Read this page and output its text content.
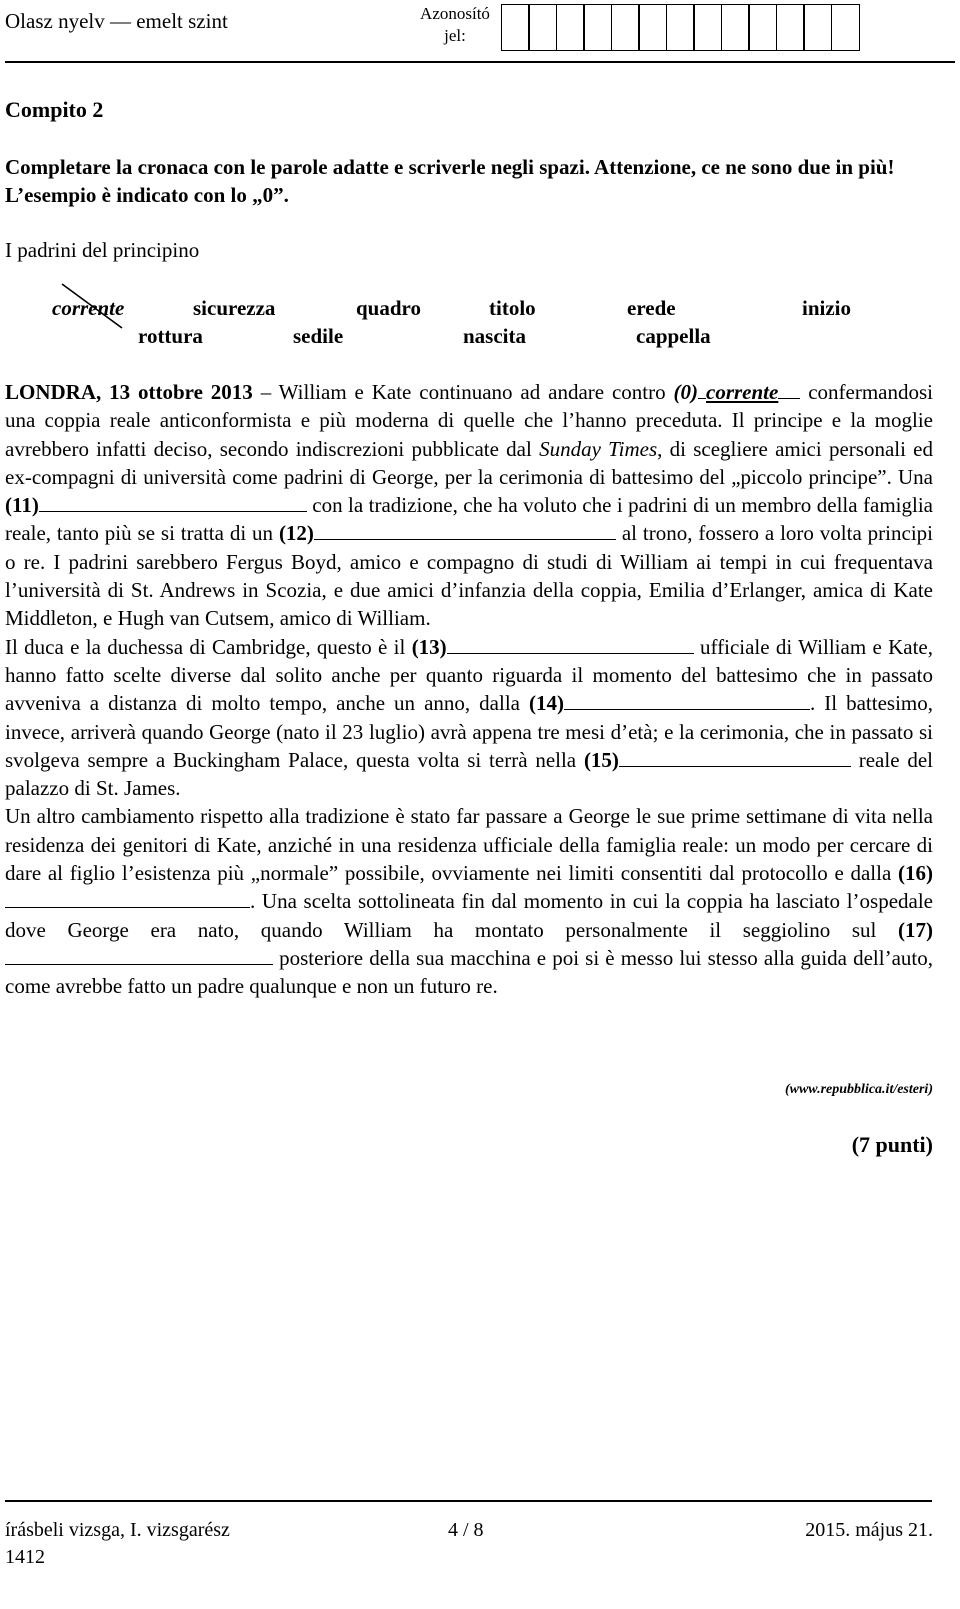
Olasz nyelv — emelt szint	Azonosító jel:
Compito 2
Completare la cronaca con le parole adatte e scriverle negli spazi. Attenzione, ce ne sono due in più! L’esempio è indicato con lo „0”.
I padrini del principino
corrente	sicurezza	quadro	titolo	erede	inizio
rottura	sedile	nascita	cappella

LONDRA, 13 ottobre 2013 – William e Kate continuano ad andare contro (0) corrente confermandosi una coppia reale anticonformista e più moderna di quelle che l’hanno preceduta. Il principe e la moglie avrebbero infatti deciso, secondo indiscrezioni pubblicate dal Sunday Times, di scegliere amici personali ed ex-compagni di università come padrini di George, per la cerimonia di battesimo del „piccolo principe”. Una (11)	con la tradizione, che ha voluto che i padrini di un membro della famiglia reale, tanto più se si tratta di un (12)	al trono, fossero a loro volta principi o re. I padrini sarebbero Fergus Boyd, amico e compagno di studi di William ai tempi in cui frequentava l’università di St. Andrews in Scozia, e due amici d’infanzia della coppia, Emilia d’Erlanger, amica di Kate Middleton, e Hugh van Cutsem, amico di William.

Il duca e la duchessa di Cambridge, questo è il (13)	ufficiale di William e Kate, hanno fatto scelte diverse dal solito anche per quanto riguarda il momento del battesimo che in passato avveniva a distanza di molto tempo, anche un anno, dalla (14)	. Il battesimo, invece, arriverà quando George (nato il 23 luglio) avrà appena tre mesi d’età; e la cerimonia, che in passato si svolgeva sempre a Buckingham Palace, questa volta si terrà nella (15)	reale del palazzo di St. James.

Un altro cambiamento rispetto alla tradizione è stato far passare a George le sue prime settimane di vita nella residenza dei genitori di Kate, anziché in una residenza ufficiale della famiglia reale: un modo per cercare di dare al figlio l’esistenza più „normale” possibile, ovviamente nei limiti consentiti dal protocollo e dalla (16). Una scelta sottolineata fin dal momento in cui la coppia ha lasciato l’ospedale dove George era nato, quando William ha montato personalmente il seggiolino sul (17) posteriore della sua macchina e poi si è messo lui stesso alla guida dell’auto, come avrebbe fatto un padre qualunque e non un futuro re.

(www.repubblica.it/esteri)
(7 punti)
írásbeli vizsga, I. vizsgarész	4 / 8	2015. május 21.
1412
